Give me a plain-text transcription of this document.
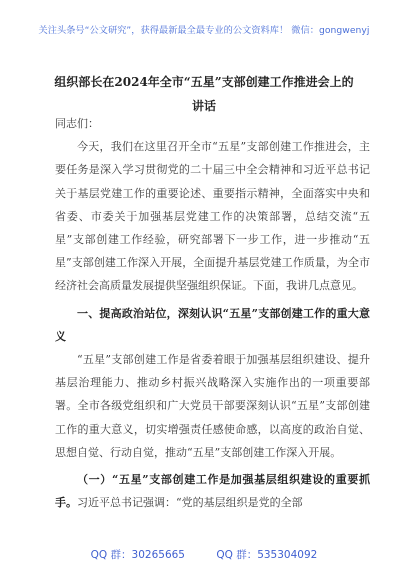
关注头条号“公文研究”，获得最新最全最专业的公文资料库！ 微信：gongwenyj
组织部长在2024年全市“五星”支部创建工作推进会上的
讲话

同志们：

今天，我们在这里召开全市“五星”支部创建工作推进会，主要任务是深入学习贯彻党的二十届三中全会精神和习近平总书记关于基层党建工作的重要论述、重要指示精神，全面落实中央和省委、市委关于加强基层党建工作的决策部署，总结交流“五星”支部创建工作经验，研究部署下一步工作，进一步推动“五星”支部创建工作深入开展，全面提升基层党建工作质量，为全市经济社会高质量发展提供坚强组织保证。下面，我讲几点意见。

一、提高政治站位，深刻认识“五星”支部创建工作的重大意义

“五星”支部创建工作是省委着眼于加强基层组织建设、提升基层治理能力、推动乡村振兴战略深入实施作出的一项重要部署。全市各级党组织和广大党员干部要深刻认识“五星”支部创建工作的重大意义，切实增强责任感使命感，以高度的政治自觉、思想自觉、行动自觉，推动“五星”支部创建工作深入开展。

（一）“五星”支部创建工作是加强基层组织建设的重要抓手。习近平总书记强调：“党的基层组织是党的全部

QQ 群：30265665	QQ 群：535304092
